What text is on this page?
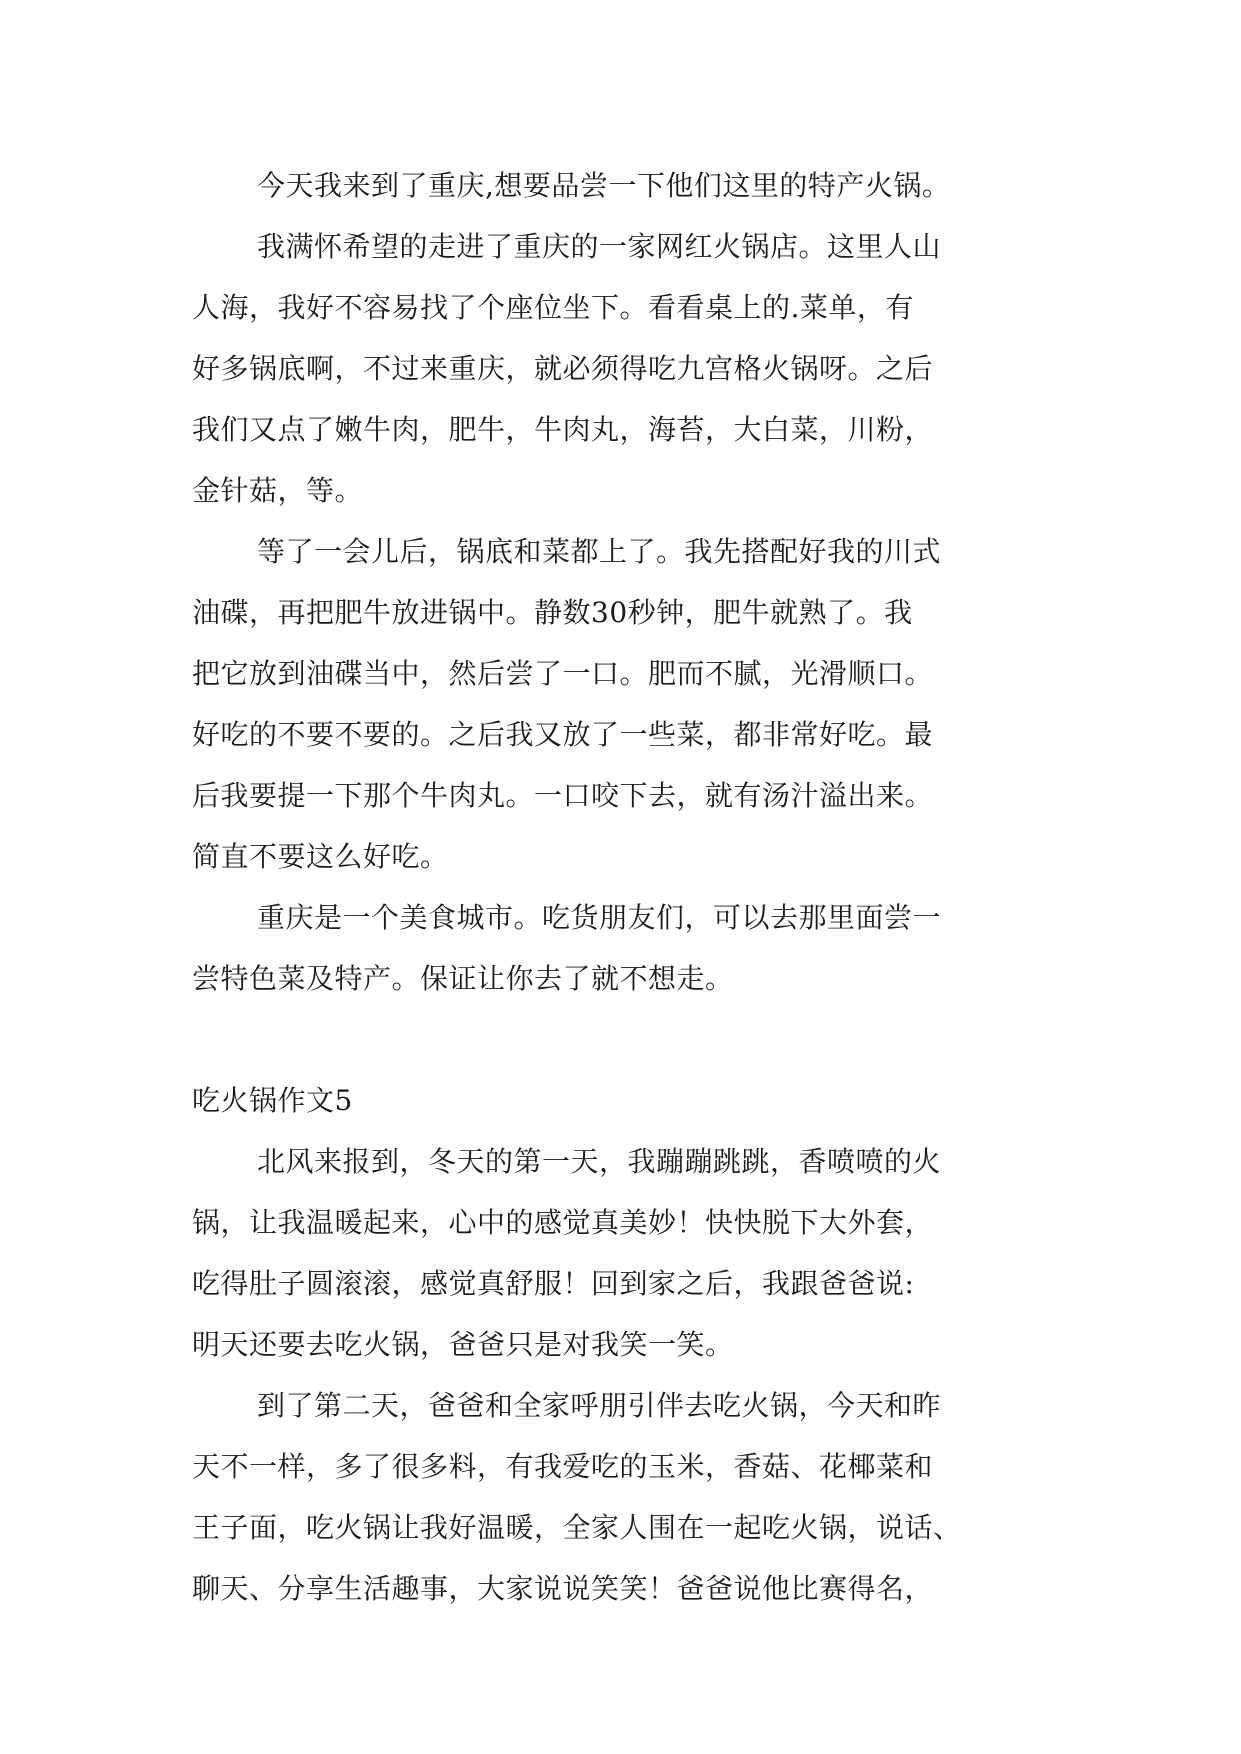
今天我来到了重庆,想要品尝一下他们这里的特产火锅。
我满怀希望的走进了重庆的一家网红火锅店。这里人山
人海，我好不容易找了个座位坐下。看看桌上的.菜单，有
好多锅底啊，不过来重庆，就必须得吃九宫格火锅呀。之后
我们又点了嫩牛肉，肥牛，牛肉丸，海苔，大白菜，川粉，
金针菇，等。
等了一会儿后，锅底和菜都上了。我先搭配好我的川式
油碟，再把肥牛放进锅中。静数30秒钟，肥牛就熟了。我
把它放到油碟当中，然后尝了一口。肥而不腻，光滑顺口。
好吃的不要不要的。之后我又放了一些菜，都非常好吃。最
后我要提一下那个牛肉丸。一口咬下去，就有汤汁溢出来。
简直不要这么好吃。
重庆是一个美食城市。吃货朋友们，可以去那里面尝一
尝特色菜及特产。保证让你去了就不想走。
吃火锅作文5
北风来报到，冬天的第一天，我蹦蹦跳跳，香喷喷的火
锅，让我温暖起来，心中的感觉真美妙！快快脱下大外套，
吃得肚子圆滚滚，感觉真舒服！回到家之后，我跟爸爸说:
明天还要去吃火锅，爸爸只是对我笑一笑。
到了第二天，爸爸和全家呼朋引伴去吃火锅，今天和昨
天不一样，多了很多料，有我爱吃的玉米，香菇、花椰菜和
王子面，吃火锅让我好温暖，全家人围在一起吃火锅，说话、
聊天、分享生活趣事，大家说说笑笑！爸爸说他比赛得名，
